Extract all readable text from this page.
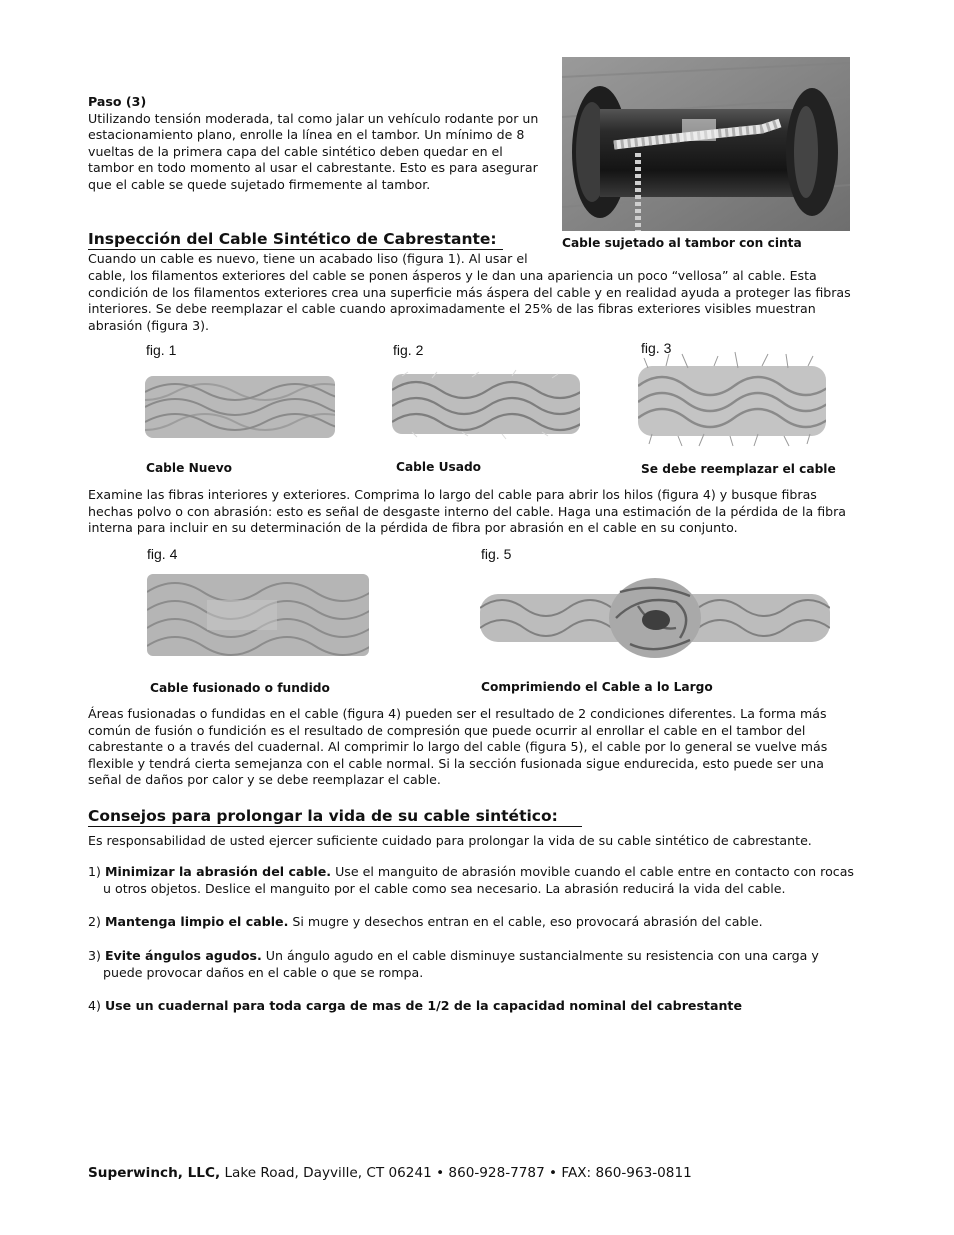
Paso (3)

Utilizando tensión moderada, tal como jalar un vehículo rodante por un estacionamiento plano, enrolle la línea en el tambor. Un mínimo de 8 vueltas de la primera capa del cable sintético deben quedar en el tambor en todo momento al usar el cabrestante. Esto es para asegurar que el cable se quede sujetado firmemente al tambor.

Cable sujetado al tambor con cinta
Inspección del Cable Sintético de Cabrestante:
Cuando un cable es nuevo, tiene un acabado liso (figura 1). Al usar el
cable, los filamentos exteriores del cable se ponen ásperos y le dan una apariencia un poco “vellosa” al cable. Esta condición de los filamentos exteriores crea una superficie más áspera del cable y en realidad ayuda a proteger las fibras interiores. Se debe reemplazar el cable cuando aproximadamente el 25% de las fibras exteriores visibles muestran abrasión (figura 3).
fig. 1	fig. 2	fig. 3
Cable Nuevo	Cable Usado	Se debe reemplazar el cable
Examine las fibras interiores y exteriores. Comprima lo largo del cable para abrir los hilos (figura 4) y busque fibras hechas polvo o con abrasión: esto es señal de desgaste interno del cable. Haga una estimación de la pérdida de la fibra interna para incluir en su determinación de la pérdida de fibra por abrasión en el cable en su conjunto.
fig. 4	fig. 5
Cable fusionado o fundido	Comprimiendo el Cable a lo Largo
Áreas fusionadas o fundidas en el cable (figura 4) pueden ser el resultado de 2 condiciones diferentes. La forma más común de fusión o fundición es el resultado de compresión que puede ocurrir al enrollar el cable en el tambor del cabrestante o a través del cuadernal. Al comprimir lo largo del cable (figura 5), el cable por lo general se vuelve más flexible y tendrá cierta semejanza con el cable normal. Si la sección fusionada sigue endurecida, esto puede ser una señal de daños por calor y se debe reemplazar el cable.
Consejos para prolongar la vida de su cable sintético:
Es responsabilidad de usted ejercer suficiente cuidado para prolongar la vida de su cable sintético de cabrestante.

1) Minimizar la abrasión del cable. Use el manguito de abrasión movible cuando el cable entre en contacto con rocas u otros objetos. Deslice el manguito por el cable como sea necesario. La abrasión reducirá la vida del cable.

2) Mantenga limpio el cable. Si mugre y desechos entran en el cable, eso provocará abrasión del cable.

3) Evite ángulos agudos. Un ángulo agudo en el cable disminuye sustancialmente su resistencia con una carga y puede provocar daños en el cable o que se rompa.

4) Use un cuadernal para toda carga de mas de 1/2 de la capacidad nominal del cabrestante

Superwinch, LLC, Lake Road, Dayville, CT 06241 • 860-928-7787 • FAX: 860-963-0811
